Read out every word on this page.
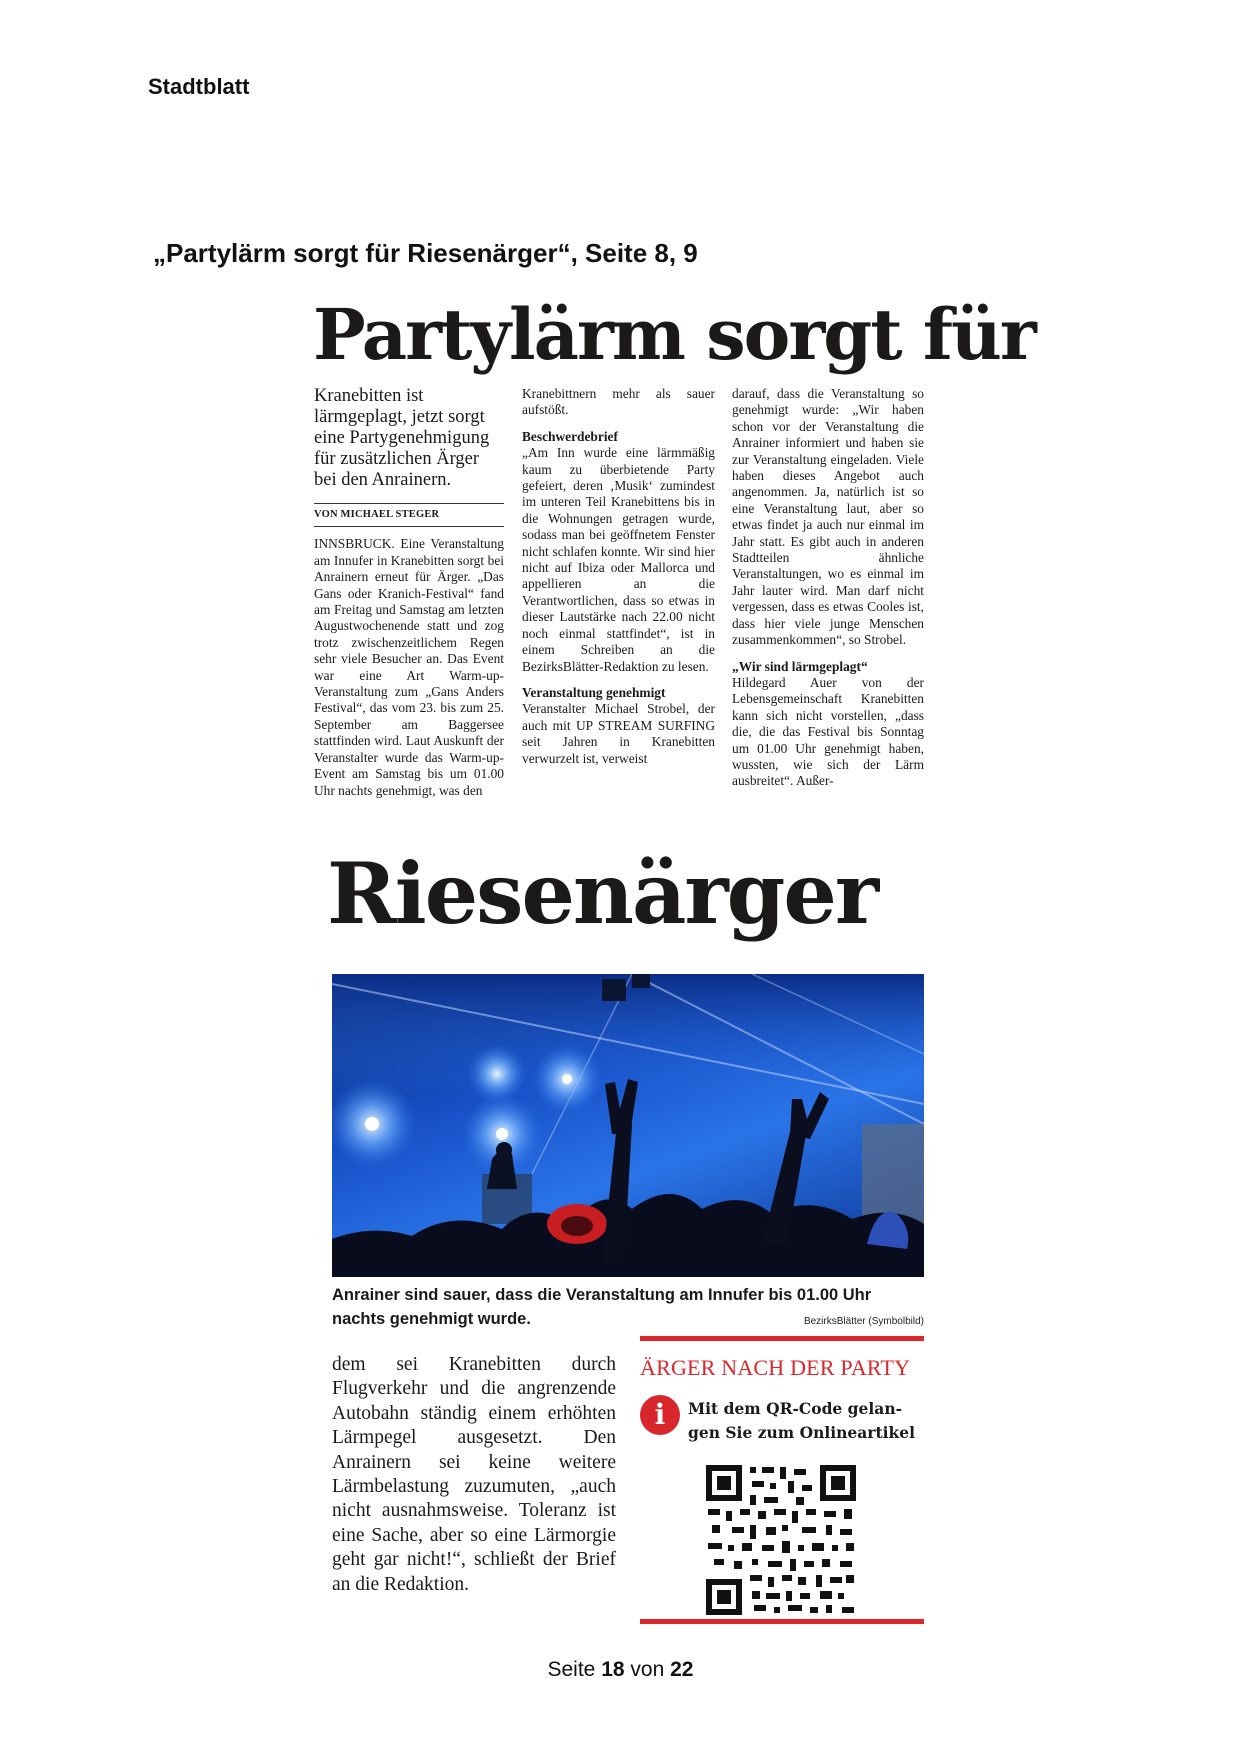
Stadtblatt
„Partylärm sorgt für Riesenärger“, Seite 8, 9
Partylärm sorgt für
Kranebitten ist lärmgeplagt, jetzt sorgt eine Partygenehmigung für zusätzlichen Ärger bei den Anrainern.
VON MICHAEL STEGER

INNSBRUCK. Eine Veranstaltung am Innufer in Kranebitten sorgt bei Anrainern erneut für Ärger. „Das Gans oder Kranich-Festival“ fand am Freitag und Samstag am letzten Augustwochenende statt und zog trotz zwischenzeitlichem Regen sehr viele Besucher an. Das Event war eine Art Warm-up-Veranstaltung zum „Gans Anders Festival“, das vom 23. bis zum 25. September am Baggersee stattfinden wird. Laut Auskunft der Veranstalter wurde das Warm-up-Event am Samstag bis um 01.00 Uhr nachts genehmigt, was den

Kranebittnern mehr als sauer aufstößt.

Beschwerdebrief

„Am Inn wurde eine lärmmäßig kaum zu überbietende Party gefeiert, deren ‚Musik‘ zumindest im unteren Teil Kranebittens bis in die Wohnungen getragen wurde, sodass man bei geöffnetem Fenster nicht schlafen konnte. Wir sind hier nicht auf Ibiza oder Mallorca und appellieren an die Verantwortlichen, dass so etwas in dieser Lautstärke nach 22.00 nicht noch einmal stattfindet“, ist in einem Schreiben an die BezirksBlätter-Redaktion zu lesen.

Veranstaltung genehmigt

Veranstalter Michael Strobel, der auch mit UP STREAM SURFING seit Jahren in Kranebitten verwurzelt ist, verweist

darauf, dass die Veranstaltung so genehmigt wurde: „Wir haben schon vor der Veranstaltung die Anrainer informiert und haben sie zur Veranstaltung eingeladen. Viele haben dieses Angebot auch angenommen. Ja, natürlich ist so eine Veranstaltung laut, aber so etwas findet ja auch nur einmal im Jahr statt. Es gibt auch in anderen Stadtteilen ähnliche Veranstaltungen, wo es einmal im Jahr lauter wird. Man darf nicht vergessen, dass es etwas Cooles ist, dass hier viele junge Menschen zusammenkommen“, so Strobel.

„Wir sind lärmgeplagt“

Hildegard Auer von der Lebensgemeinschaft Kranebitten kann sich nicht vorstellen, „dass die, die das Festival bis Sonntag um 01.00 Uhr genehmigt haben, wussten, wie sich der Lärm ausbreitet“. Außer-

Riesenärger
Anrainer sind sauer, dass die Veranstaltung am Innufer bis 01.00 Uhr nachts genehmigt wurde.	BezirksBlätter (Symbolbild)
dem sei Kranebitten durch Flugverkehr und die angrenzende Autobahn ständig einem erhöhten Lärmpegel ausgesetzt. Den Anrainern sei keine weitere Lärmbelastung zuzumuten, „auch nicht ausnahmsweise. Toleranz ist eine Sache, aber so eine Lärmorgie geht gar nicht!“, schließt der Brief an die Redaktion.
ÄRGER NACH DER PARTY
i	Mit dem QR-Code gelan-
gen Sie zum Onlineartikel
Seite 18 von 22
